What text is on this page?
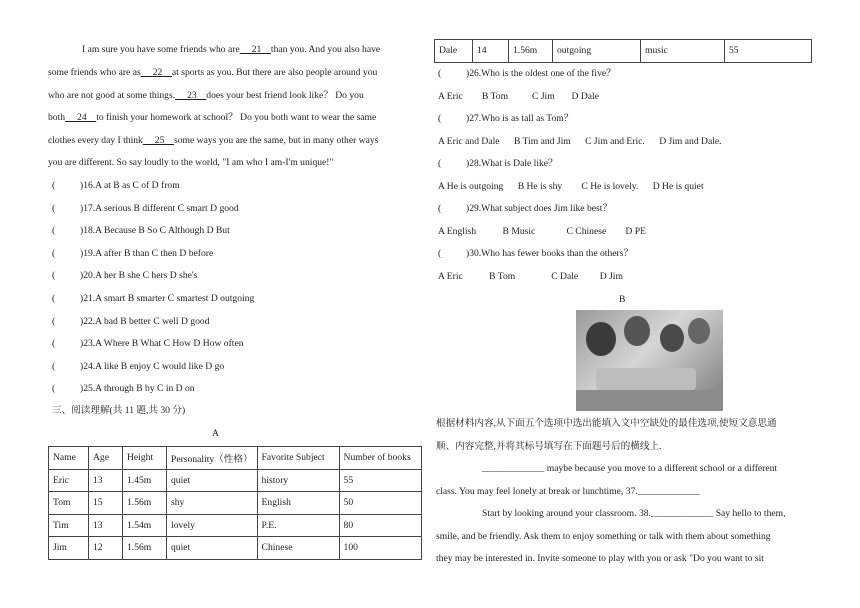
I am sure you have some friends who are 21 than you. And you also have
some friends who are as 22 at sports as you. But there are also people around you
who are not good at some things. 23 does your best friend look like？ Do you
both 24 to finish your homework at school？ Do you both want to wear the same
clothes every day I think 25 some ways you are the same, but in many other ways
you are different. So say loudly to the world, "I am who I am-I'm unique!"
(	)16.A at B as C of D from
(	)17.A serious B different C smart D good
(	)18.A Because B So C Although D But
(	)19.A after B than C then D before
(	)20.A her B she C hers D she's
(	)21.A smart B smarter C smartest D outgoing
(	)22.A bad B better C well D good
(	)23.A Where B What C How D How often
(	)24.A like B enjoy C would like D go
(	)25.A through B by C in D on
三、阅读理解(共 11 题,共 30 分)
A
Name	Age	Height	Personality（性格）	Favorite Subject	Number of books
Eric	13	1.45m	quiet	history	55
Tom	15	1.56m	shy	English	50
Tim	13	1.54m	lovely	P.E.	80
Jim	12	1.56m	quiet	Chinese	100
Dale	14	1.56m	outgoing	music	55
(	)26.Who is the oldest one of the five？
A Eric B Tom C Jim D Dale
(	)27.Who is as tall as Tom？
A Eric and Dale B Tim and Jim C Jim and Eric. D Jim and Dale.
(	)28.What is Dale like？
A He is outgoing B He is shy C He is lovely. D He is quiet
(	)29.What subject does Jim like best？
A English	B Music	C Chinese D PE
(	)30.Who has fewer books than the others？
A Eric	B Tom	C Dale D Jim
B
根据材料内容,从下面五个选项中选出能填入文中空缺处的最佳选项,使短文意思通
顺、内容完整,并将其标号填写在下面题号后的横线上.
_____________ maybe because you move to a different school or a different
class. You may feel lonely at break or lunchtime, 37._____________
Start by looking around your classroom. 38._____________ Say hello to them,
smile, and be friendly. Ask them to enjoy something or talk with them about something
they may be interested in. Invite someone to play with you or ask "Do you want to sit
